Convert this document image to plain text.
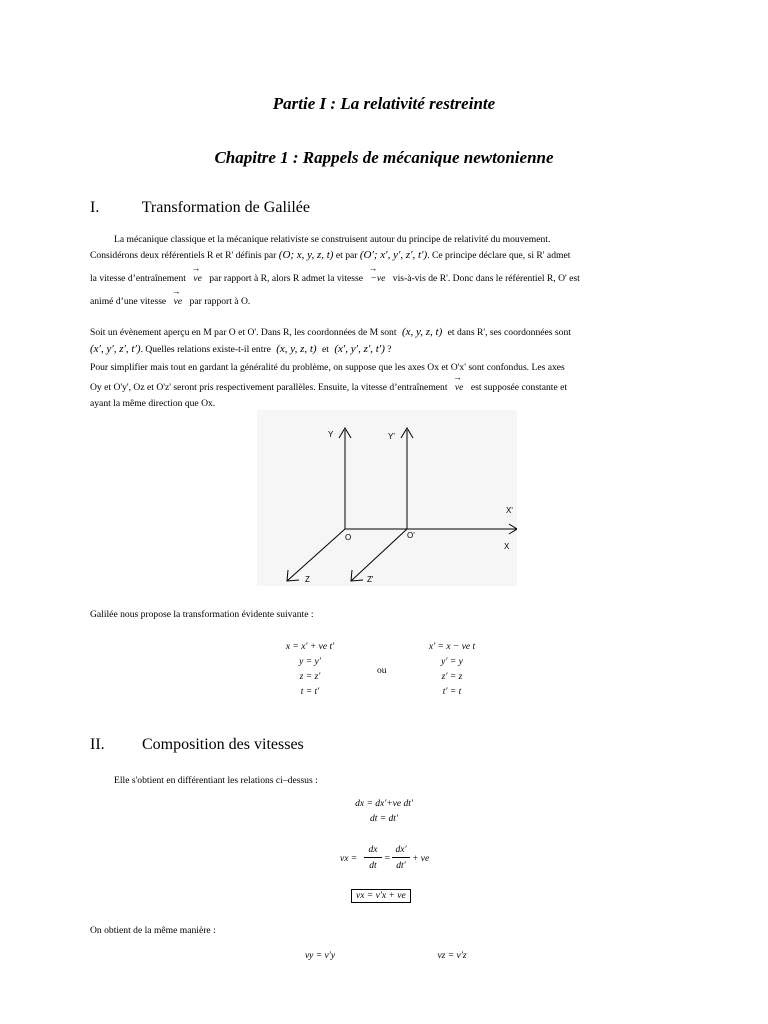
Partie I : La relativité restreinte
Chapitre 1 : Rappels de mécanique newtonienne
I.	Transformation de Galilée
La mécanique classique et la mécanique relativiste se construisent autour du principe de relativité du mouvement.
Considérons deux référentiels R et R' définis par (O; x, y, z, t) et par (O′; x′, y′, z′, t′). Ce principe déclare que, si R' admet
la vitesse d’entraînement → ve par rapport à R, alors R admet la vitesse → −ve vis-à-vis de R'. Donc dans le référentiel R, O' est
animé d’une vitesse → ve par rapport à O.
Soit un évènement aperçu en M par O et O'. Dans R, les coordonnées de M sont (x, y, z, t) et dans R', ses coordonnées sont
(x′, y′, z′, t′). Quelles relations existe-t-il entre (x, y, z, t) et (x′, y′, z′, t′) ?
Pour simplifier mais tout en gardant la généralité du problème, on suppose que les axes Ox et O'x' sont confondus. Les axes
Oy et O'y', Oz et O'z' seront pris respectivement parallèles. Ensuite, la vitesse d’entraînement → ve est supposée constante et
ayant la même direction que Ox.
Y	Y'
X'
X
O	O'
Z	Z'
Galilée nous propose la transformation évidente suivante :
x = x′ + ve t′
y = y′
z = z′
t = t′
ou
x′ = x − ve t
y′ = y
z′ = z
t′ = t
II. Composition des vitesses
Elle s'obtient en différentiant les relations ci–dessus :
dx = dx'+ve dt'
dt = dt'
vx =
dx
dt
=
dx'
dt'
+ ve
vx = v′x + ve
On obtient de la même manière :
vy = v′y	vz = v′z
